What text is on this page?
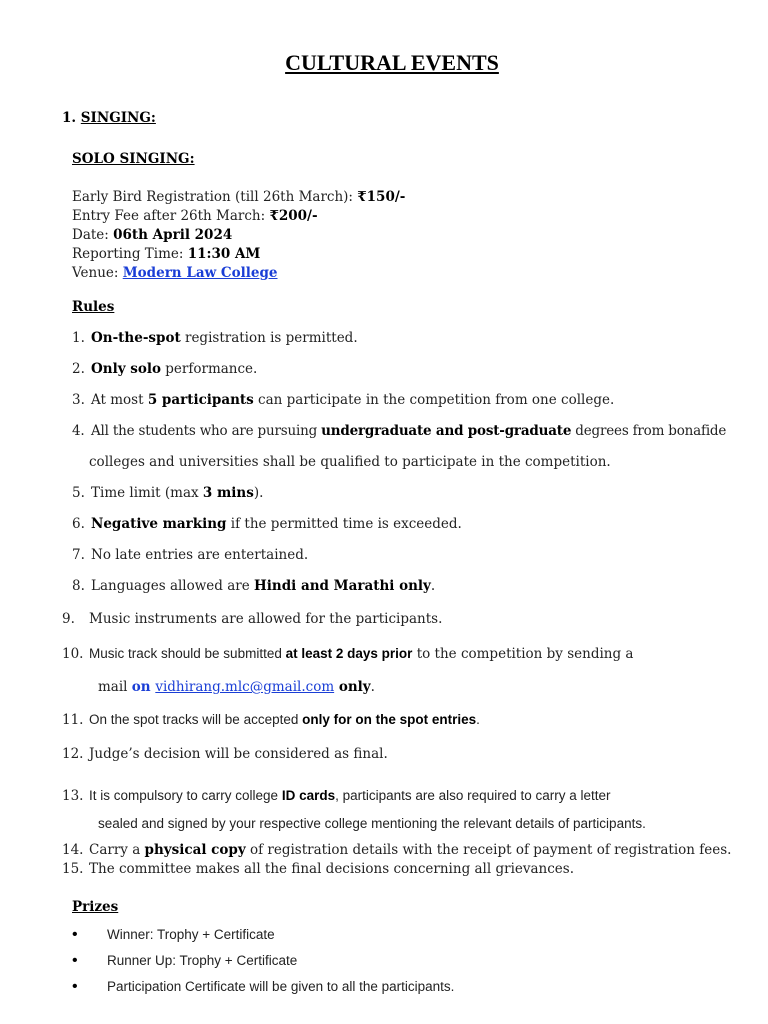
CULTURAL EVENTS
1. SINGING:
SOLO SINGING:
Early Bird Registration (till 26th March): ₹150/-
Entry Fee after 26th March: ₹200/-
Date: 06th April 2024
Reporting Time: 11:30 AM
Venue: Modern Law College
Rules
1. On-the-spot registration is permitted.
2. Only solo performance.
3. At most 5 participants can participate in the competition from one college.
4. All the students who are pursuing undergraduate and post-graduate degrees from bonafide
colleges and universities shall be qualified to participate in the competition.
5. Time limit (max 3 mins).
6. Negative marking if the permitted time is exceeded.
7. No late entries are entertained.
8. Languages allowed are Hindi and Marathi only.
9. Music instruments are allowed for the participants.
10. Music track should be submitted at least 2 days prior to the competition by sending a
mail on vidhirang.mlc@gmail.com only.
11. On the spot tracks will be accepted only for on the spot entries.
12. Judge’s decision will be considered as final.
13. It is compulsory to carry college ID cards, participants are also required to carry a letter
sealed and signed by your respective college mentioning the relevant details of participants.
14. Carry a physical copy of registration details with the receipt of payment of registration fees.
15. The committee makes all the final decisions concerning all grievances.
Prizes
• Winner: Trophy + Certificate
• Runner Up: Trophy + Certificate
• Participation Certificate will be given to all the participants.
